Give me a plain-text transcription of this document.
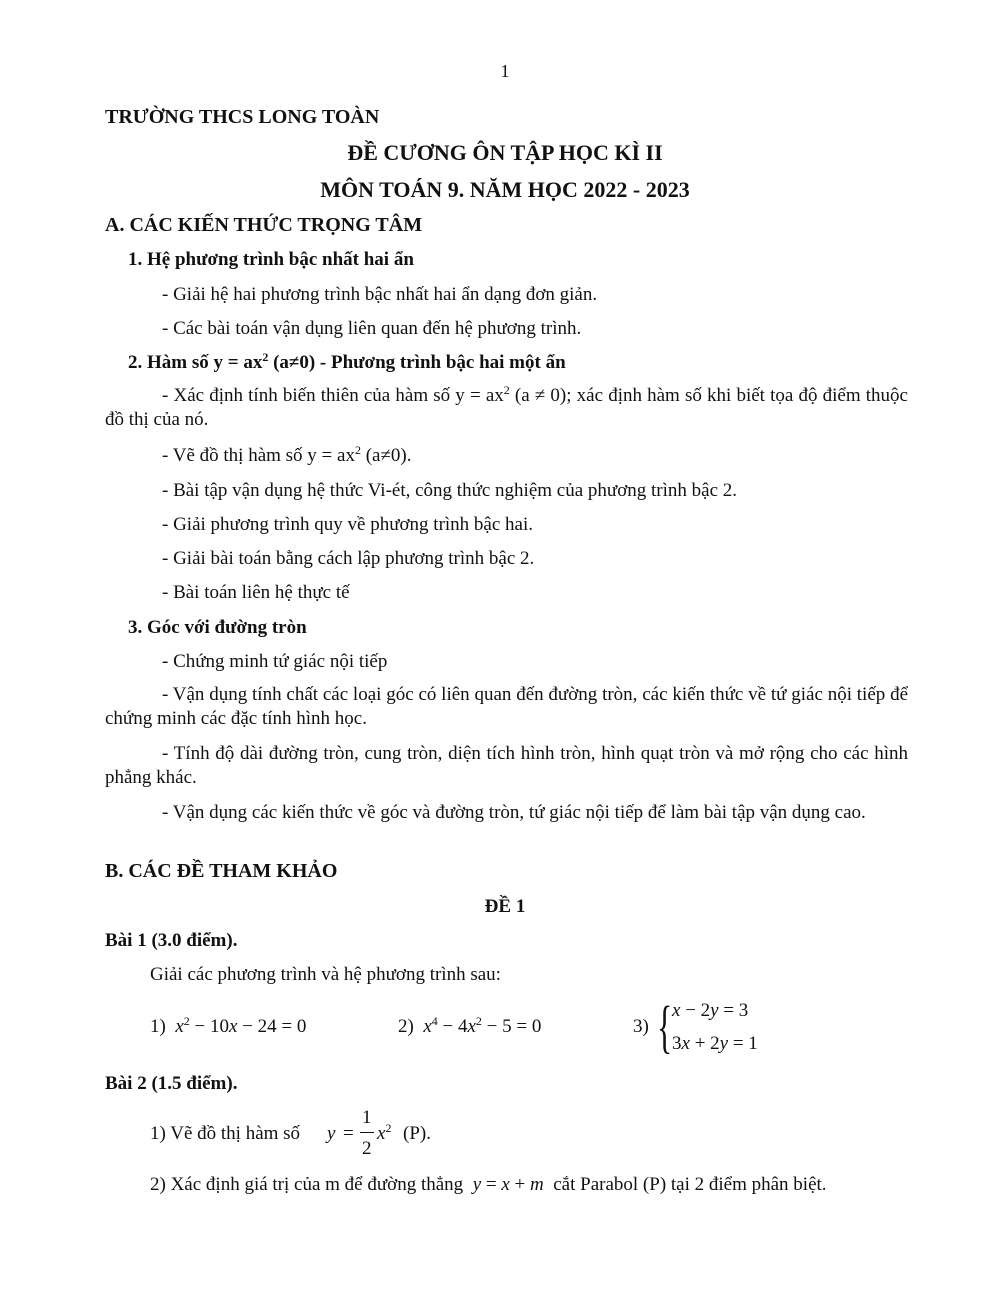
1
TRƯỜNG THCS LONG TOÀN
ĐỀ CƯƠNG ÔN TẬP HỌC KÌ II
MÔN TOÁN 9. NĂM HỌC 2022 - 2023
A. CÁC KIẾN THỨC TRỌNG TÂM
1. Hệ phương trình bậc nhất hai ẩn
- Giải hệ hai phương trình bậc nhất hai ẩn dạng đơn giản.
- Các bài toán vận dụng liên quan đến hệ phương trình.
2. Hàm số $y = ax^2$ (a≠0) - Phương trình bậc hai một ẩn
- Xác định tính biến thiên của hàm số $y = ax^2$ (a ≠ 0); xác định hàm số khi biết tọa độ điểm thuộc đồ thị của nó.
- Vẽ đồ thị hàm số $y = ax^2$ (a≠0).
- Bài tập vận dụng hệ thức Vi-ét, công thức nghiệm của phương trình bậc 2.
- Giải phương trình quy về phương trình bậc hai.
- Giải bài toán bằng cách lập phương trình bậc 2.
- Bài toán liên hệ thực tế
3. Góc với đường tròn
- Chứng minh tứ giác nội tiếp
- Vận dụng tính chất các loại góc có liên quan đến đường tròn, các kiến thức về tứ giác nội tiếp để chứng minh các đặc tính hình học.
- Tính độ dài đường tròn, cung tròn, diện tích hình tròn, hình quạt tròn và mở rộng cho các hình phẳng khác.
- Vận dụng các kiến thức về góc và đường tròn, tứ giác nội tiếp để làm bài tập vận dụng cao.
B. CÁC ĐỀ THAM KHẢO
ĐỀ 1
Bài 1 (3.0 điểm).
Giải các phương trình và hệ phương trình sau:
1) $x^2 - 10x - 24 = 0$	2) $x^4 - 4x^2 - 5 = 0$	3) { x − 2y = 3
3x + 2y = 1
Bài 2 (1.5 điểm).
1) Vẽ đồ thị hàm số y =
1
2
$x^2$ (P).
2) Xác định giá trị của m để đường thẳng y = x + m cắt Parabol (P) tại 2 điểm phân biệt.
